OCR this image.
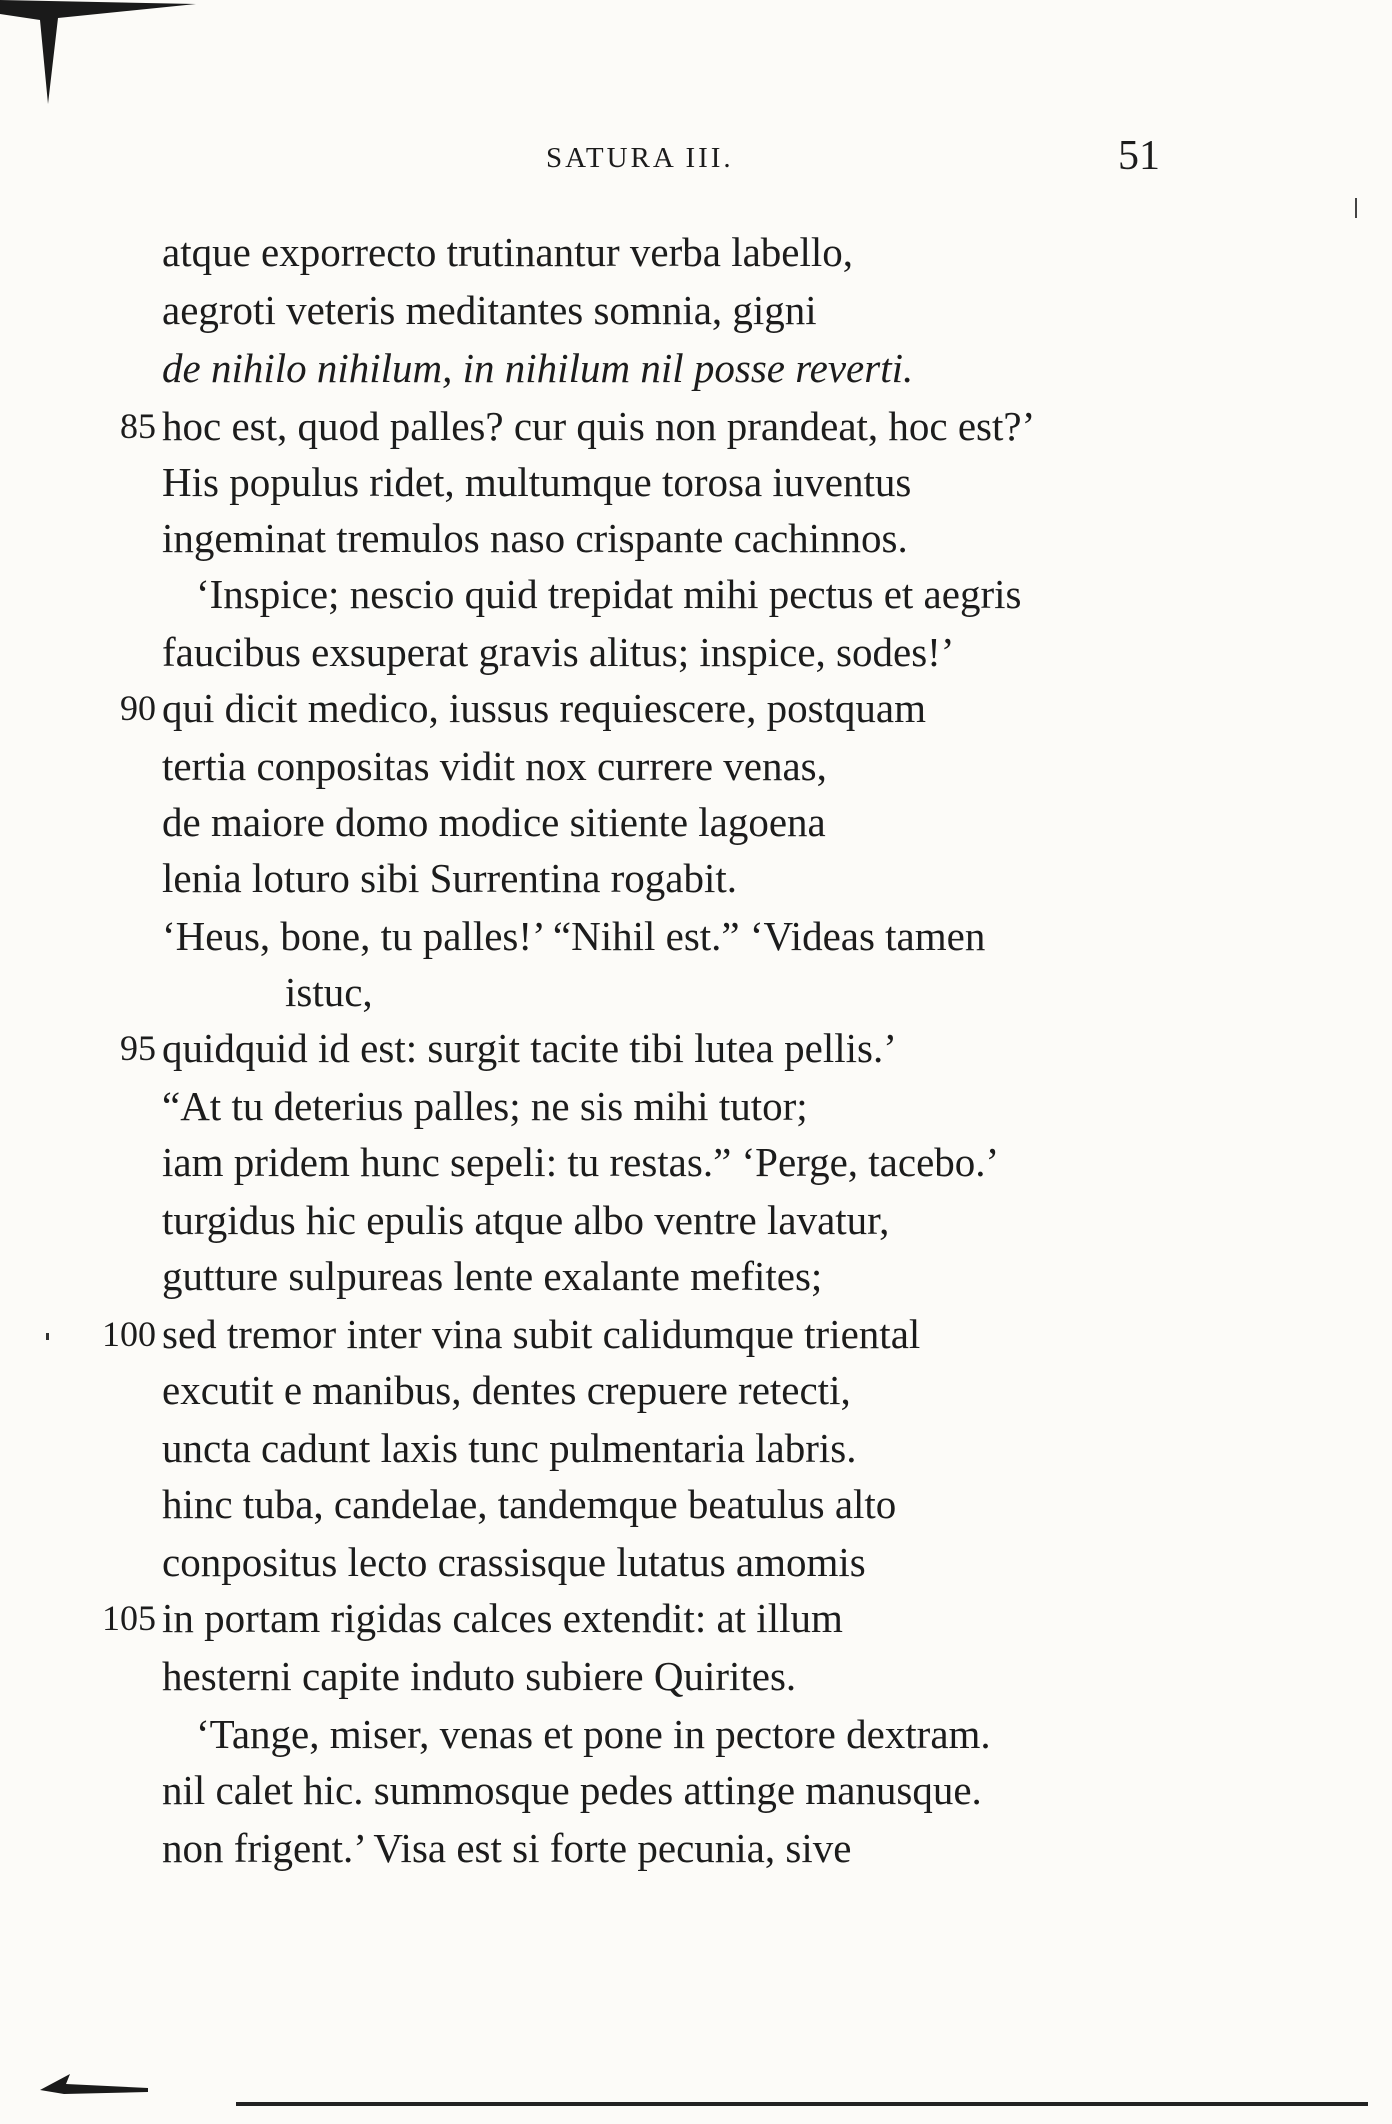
SATURA III.	51
atque exporrecto trutinantur verba labello,
aegroti veteris meditantes somnia, gigni
de nihilo nihilum, in nihilum nil posse reverti.
85 hoc est, quod palles? cur quis non prandeat, hoc est?’
His populus ridet, multumque torosa iuventus
ingeminat tremulos naso crispante cachinnos.
‘Inspice; nescio quid trepidat mihi pectus et aegris
faucibus exsuperat gravis alitus; inspice, sodes!’
90 qui dicit medico, iussus requiescere, postquam
tertia conpositas vidit nox currere venas,
de maiore domo modice sitiente lagoena
lenia loturo sibi Surrentina rogabit.
‘Heus, bone, tu palles!’ “Nihil est.” ‘Videas tamen
istuc,
95 quidquid id est: surgit tacite tibi lutea pellis.’
“At tu deterius palles; ne sis mihi tutor;
iam pridem hunc sepeli: tu restas.” ‘Perge, tacebo.’
turgidus hic epulis atque albo ventre lavatur,
gutture sulpureas lente exalante mefites;
100 sed tremor inter vina subit calidumque triental
excutit e manibus, dentes crepuere retecti,
uncta cadunt laxis tunc pulmentaria labris.
hinc tuba, candelae, tandemque beatulus alto
conpositus lecto crassisque lutatus amomis
105 in portam rigidas calces extendit: at illum
hesterni capite induto subiere Quirites.
‘Tange, miser, venas et pone in pectore dextram.
nil calet hic. summosque pedes attinge manusque.
non frigent.’ Visa est si forte pecunia, sive
